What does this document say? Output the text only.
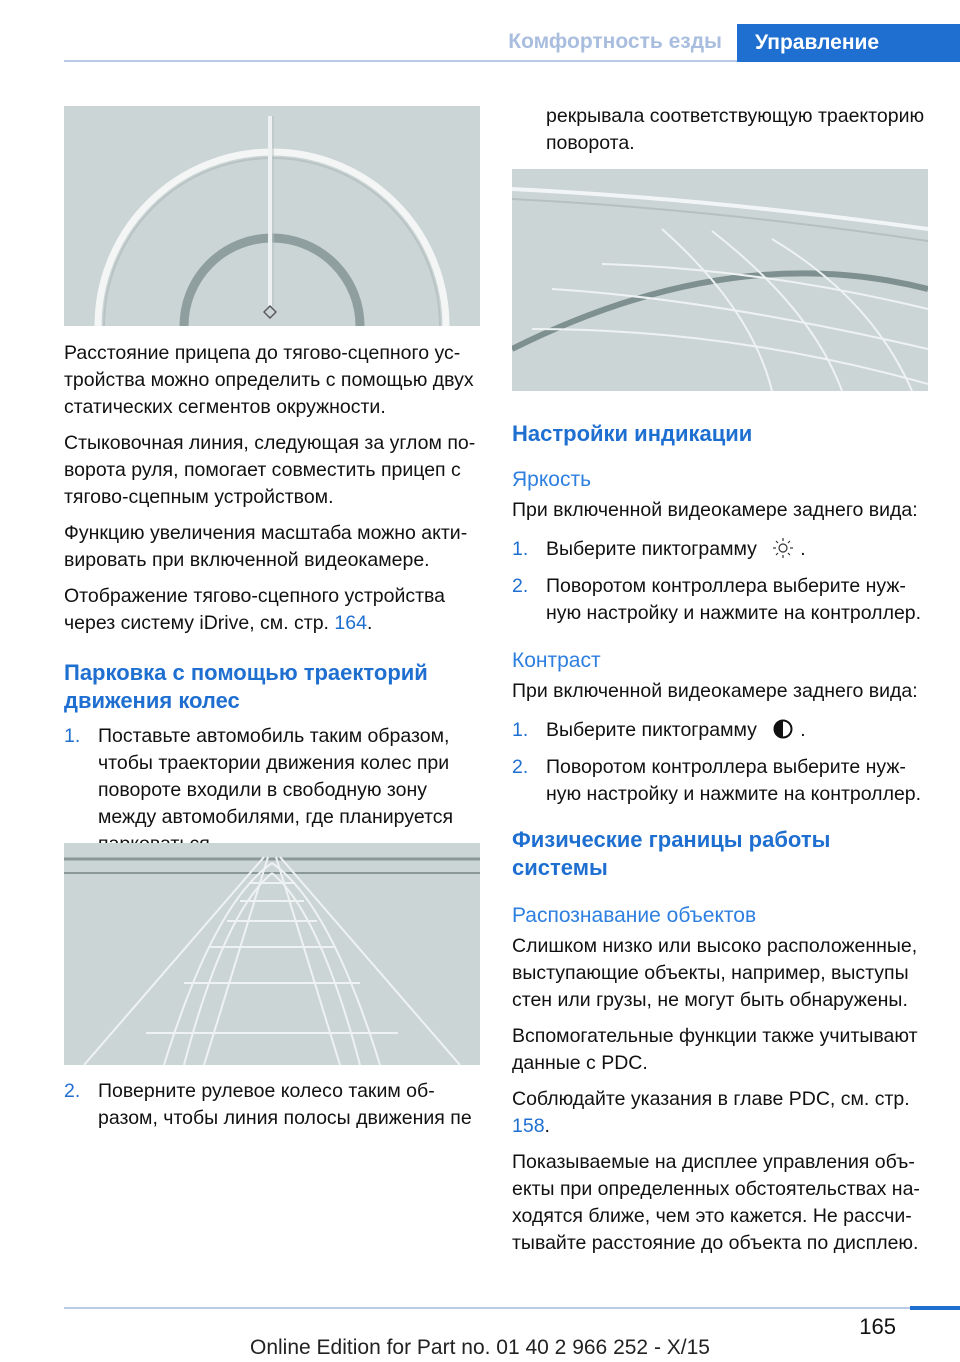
Комфортность езды	Управление

Расстояние прицепа до тягово-сцепного устройства можно определить с помощью двух статических сегментов окружности.

Стыковочная линия, следующая за углом поворота руля, помогает совместить прицеп с тягово-сцепным устройством.

Функцию увеличения масштаба можно активировать при включенной видеокамере.

Отображение тягово-сцепного устройства через систему iDrive, см. стр. 164.

Парковка с помощью траекторий движения колес
1. Поставьте автомобиль таким образом, чтобы траектории движения колес при повороте входили в свободную зону между автомобилями, где планируется
2. Поверните рулевое колесо таким образом, чтобы линия полосы движения пе
рекрывала соответствующую траекторию поворота.
Настройки индикации
Яркость

При включенной видеокамере заднего вида:

1. Выберите пиктограмму .
2. Поворотом контроллера выберите нужную настройку и нажмите на контроллер.
Контраст

При включенной видеокамере заднего вида:

1. Выберите пиктограмму .
2. Поворотом контроллера выберите нужную настройку и нажмите на контроллер.
Физические границы работы системы
Распознавание объектов

Слишком низко или высоко расположенные, выступающие объекты, например, выступы стен или грузы, не могут быть обнаружены.

Вспомогательные функции также учитывают данные с PDC.

Соблюдайте указания в главе PDC, см. стр. 158.

Показываемые на дисплее управления объекты при определенных обстоятельствах находятся ближе, чем это кажется. Не рассчитывайте расстояние до объекта по дисплею.

165
Online Edition for Part no. 01 40 2 966 252 - X/15
